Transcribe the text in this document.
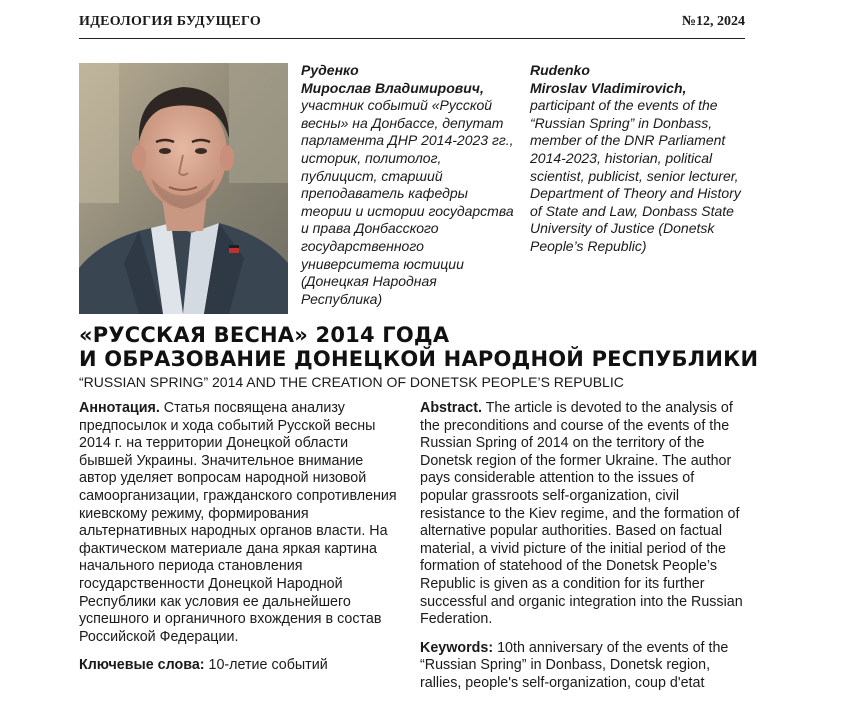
ИДЕОЛОГИЯ БУДУЩЕГО	№12, 2024
Руденко
Мирослав Владимирович,
участник событий «Русской весны» на Донбассе, депутат парламента ДНР 2014-2023 гг., историк, политолог, публицист, старший преподаватель кафедры теории и истории государства и права Донбасского государственного университета юстиции (Донецкая Народная Республика)
Rudenko
Miroslav Vladimirovich,
participant of the events of the “Russian Spring” in Donbass, member of the DNR Parliament 2014-2023, historian, political scientist, publicist, senior lecturer, Department of Theory and History of State and Law, Donbass State University of Justice (Donetsk People’s Republic)
«РУССКАЯ ВЕСНА» 2014 ГОДА
И ОБРАЗОВАНИЕ ДОНЕЦКОЙ НАРОДНОЙ РЕСПУБЛИКИ
“RUSSIAN SPRING” 2014 AND THE CREATION OF DONETSK PEOPLE’S REPUBLIC

Аннотация. Статья посвящена анализу предпосылок и хода событий Русской весны 2014 г. на территории Донецкой области бывшей Украины. Значительное внимание автор уделяет вопросам народной низовой самоорганизации, гражданского сопротивления киевскому режиму, формирования альтернативных народных органов власти. На фактическом материале дана яркая картина начального периода становления государственности Донецкой Народной Республики как условия ее дальнейшего успешного и органичного вхождения в состав Российской Федерации.

Ключевые слова: 10-летие событий

Abstract. The article is devoted to the analysis of the preconditions and course of the events of the Russian Spring of 2014 on the territory of the Donetsk region of the former Ukraine. The author pays considerable attention to the issues of popular grassroots self-organization, civil resistance to the Kiev regime, and the formation of alternative popular authorities. Based on factual material, a vivid picture of the initial period of the formation of statehood of the Donetsk People’s Republic is given as a condition for its further successful and organic integration into the Russian Federation.

Keywords: 10th anniversary of the events of the “Russian Spring” in Donbass, Donetsk region, rallies, people's self-organization, coup d'etat
